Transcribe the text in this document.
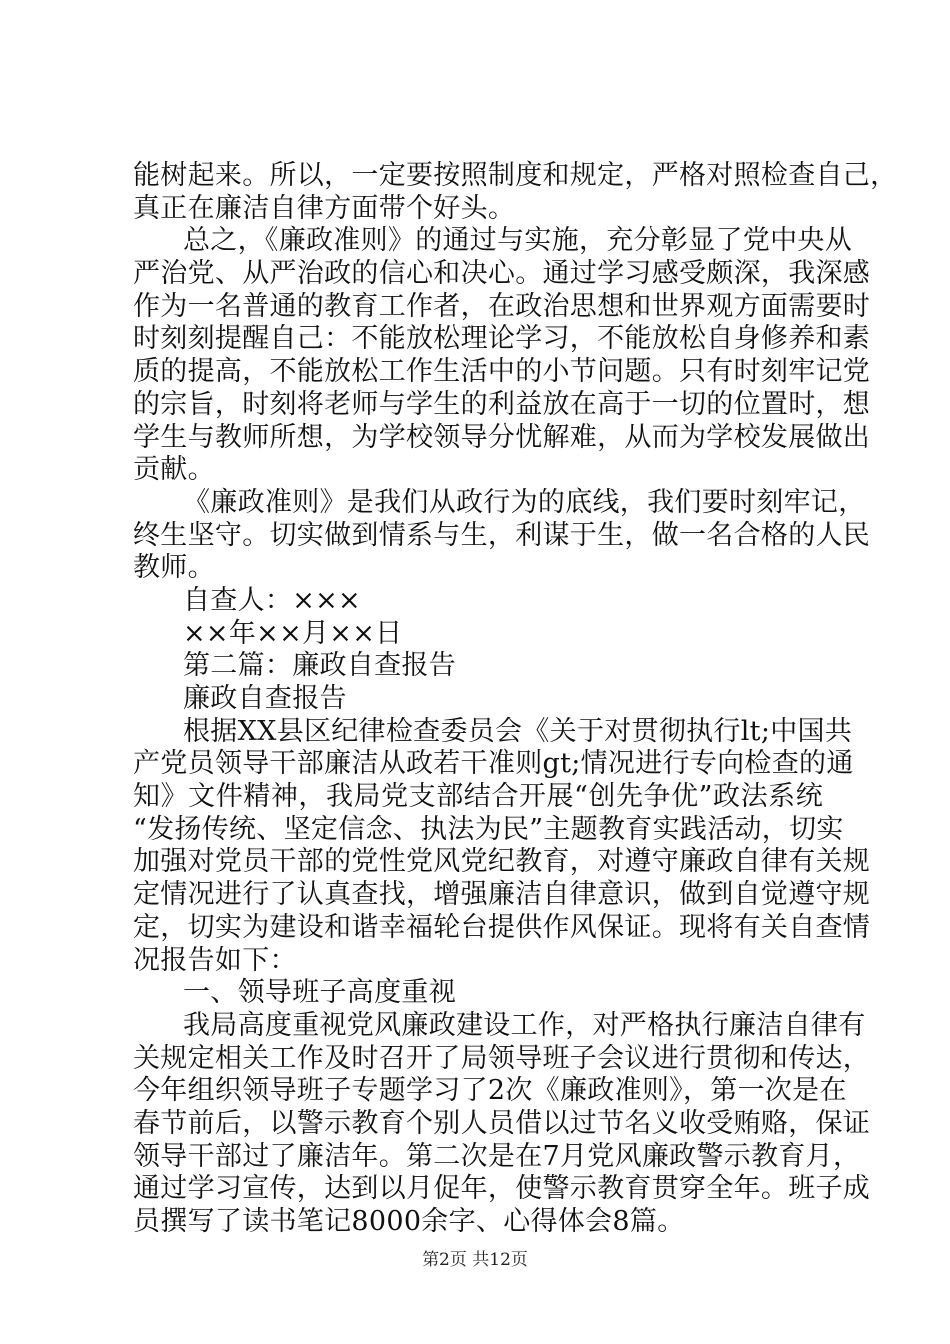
能树起来。所以，一定要按照制度和规定，严格对照检查自己，
真正在廉洁自律方面带个好头。
总之，《廉政准则》的通过与实施，充分彰显了党中央从
严治党、从严治政的信心和决心。通过学习感受颇深，我深感
作为一名普通的教育工作者，在政治思想和世界观方面需要时
时刻刻提醒自己：不能放松理论学习，不能放松自身修养和素
质的提高，不能放松工作生活中的小节问题。只有时刻牢记党
的宗旨，时刻将老师与学生的利益放在高于一切的位置时，想
学生与教师所想，为学校领导分忧解难，从而为学校发展做出
贡献。
《廉政准则》是我们从政行为的底线，我们要时刻牢记，
终生坚守。切实做到情系与生，利谋于生，做一名合格的人民
教师。
自查人：×××
××年××月××日
第二篇：廉政自查报告
廉政自查报告
根据XX县区纪律检查委员会《关于对贯彻执行lt;中国共
产党员领导干部廉洁从政若干准则gt;情况进行专向检查的通
知》文件精神，我局党支部结合开展“创先争优”政法系统
“发扬传统、坚定信念、执法为民”主题教育实践活动，切实
加强对党员干部的党性党风党纪教育，对遵守廉政自律有关规
定情况进行了认真查找，增强廉洁自律意识，做到自觉遵守规
定，切实为建设和谐幸福轮台提供作风保证。现将有关自查情
况报告如下：
一、领导班子高度重视
我局高度重视党风廉政建设工作，对严格执行廉洁自律有
关规定相关工作及时召开了局领导班子会议进行贯彻和传达，
今年组织领导班子专题学习了2次《廉政准则》，第一次是在
春节前后，以警示教育个别人员借以过节名义收受贿赂，保证
领导干部过了廉洁年。第二次是在7月党风廉政警示教育月，
通过学习宣传，达到以月促年，使警示教育贯穿全年。班子成
员撰写了读书笔记8000余字、心得体会8篇。
第2页 共12页
